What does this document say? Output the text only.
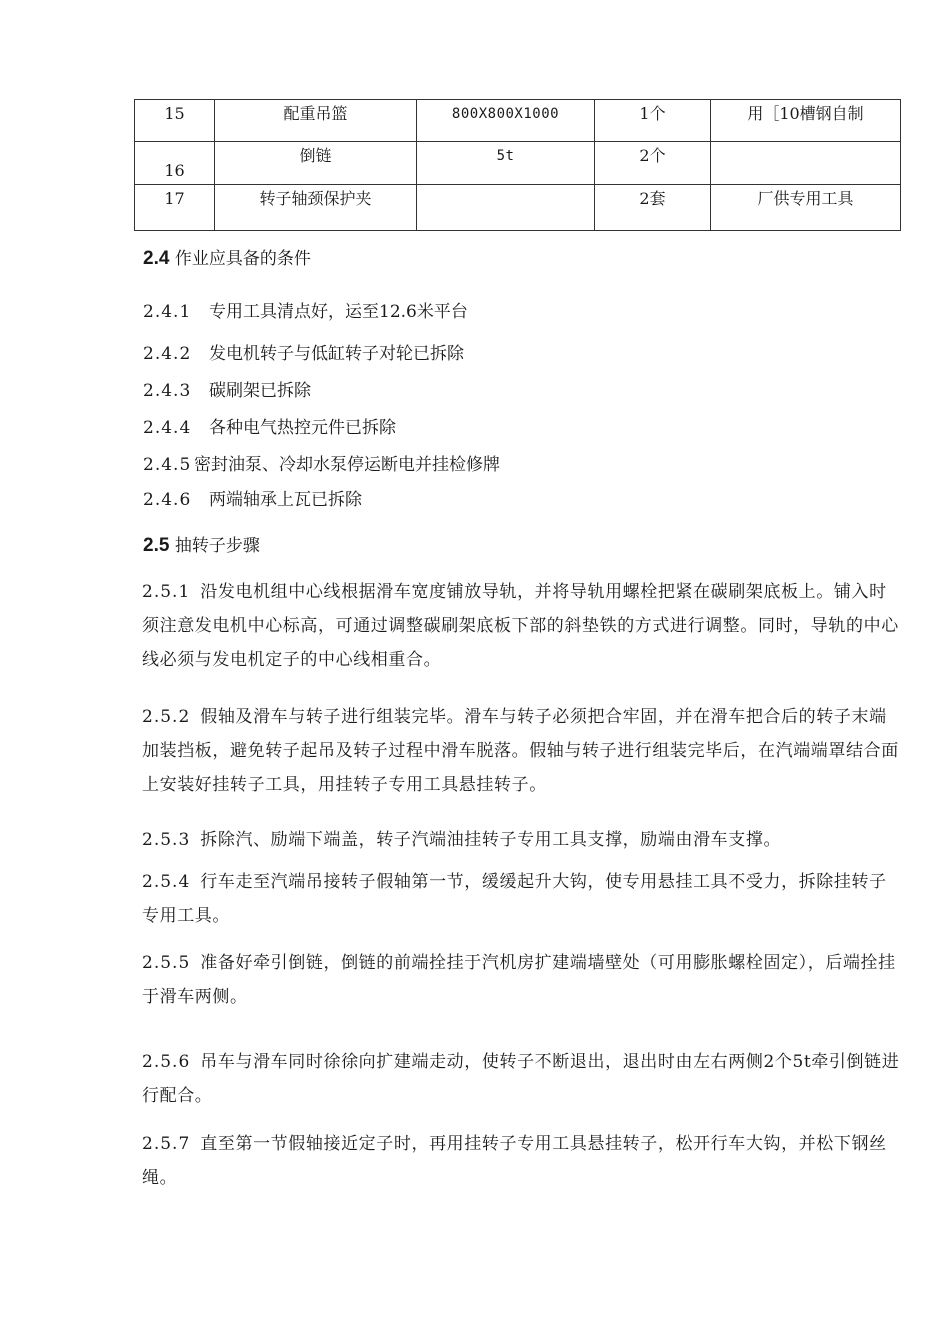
15	配重吊篮	800X800X1000	1个	用［10槽钢自制
16	倒链	5t	2个	
17	转子轴颈保护夹		2套	厂供专用工具
2.4 作业应具备的条件
2.4.1 专用工具清点好，运至12.6米平台
2.4.2 发电机转子与低缸转子对轮已拆除
2.4.3 碳刷架已拆除
2.4.4 各种电气热控元件已拆除
2.4.5 密封油泵、冷却水泵停运断电并挂检修牌
2.4.6 两端轴承上瓦已拆除
2.5 抽转子步骤
2.5.1 沿发电机组中心线根据滑车宽度铺放导轨，并将导轨用螺栓把紧在碳刷架底板上。铺入时须注意发电机中心标高，可通过调整碳刷架底板下部的斜垫铁的方式进行调整。同时，导轨的中心线必须与发电机定子的中心线相重合。
2.5.2 假轴及滑车与转子进行组装完毕。滑车与转子必须把合牢固，并在滑车把合后的转子末端加装挡板，避免转子起吊及转子过程中滑车脱落。假轴与转子进行组装完毕后，在汽端端罩结合面上安装好挂转子工具，用挂转子专用工具悬挂转子。
2.5.3 拆除汽、励端下端盖，转子汽端油挂转子专用工具支撑，励端由滑车支撑。
2.5.4 行车走至汽端吊接转子假轴第一节，缓缓起升大钩，使专用悬挂工具不受力，拆除挂转子专用工具。
2.5.5 准备好牵引倒链，倒链的前端拴挂于汽机房扩建端墙壁处（可用膨胀螺栓固定），后端拴挂于滑车两侧。
2.5.6 吊车与滑车同时徐徐向扩建端走动，使转子不断退出，退出时由左右两侧2个5t牵引倒链进行配合。
2.5.7 直至第一节假轴接近定子时，再用挂转子专用工具悬挂转子，松开行车大钩，并松下钢丝绳。
